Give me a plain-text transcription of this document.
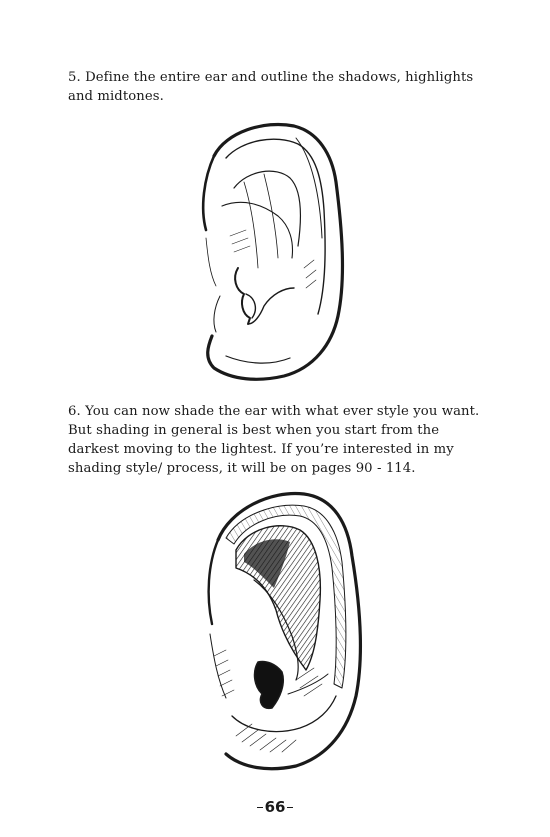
5. Define the entire ear and outline the shadows, highlights and midtones.

6. You can now shade the ear with what ever style you want. But shading in general is best when you start from the darkest moving to the lightest. If you’re interested in my shading style/ process, it will be on pages 90 - 114.

66
